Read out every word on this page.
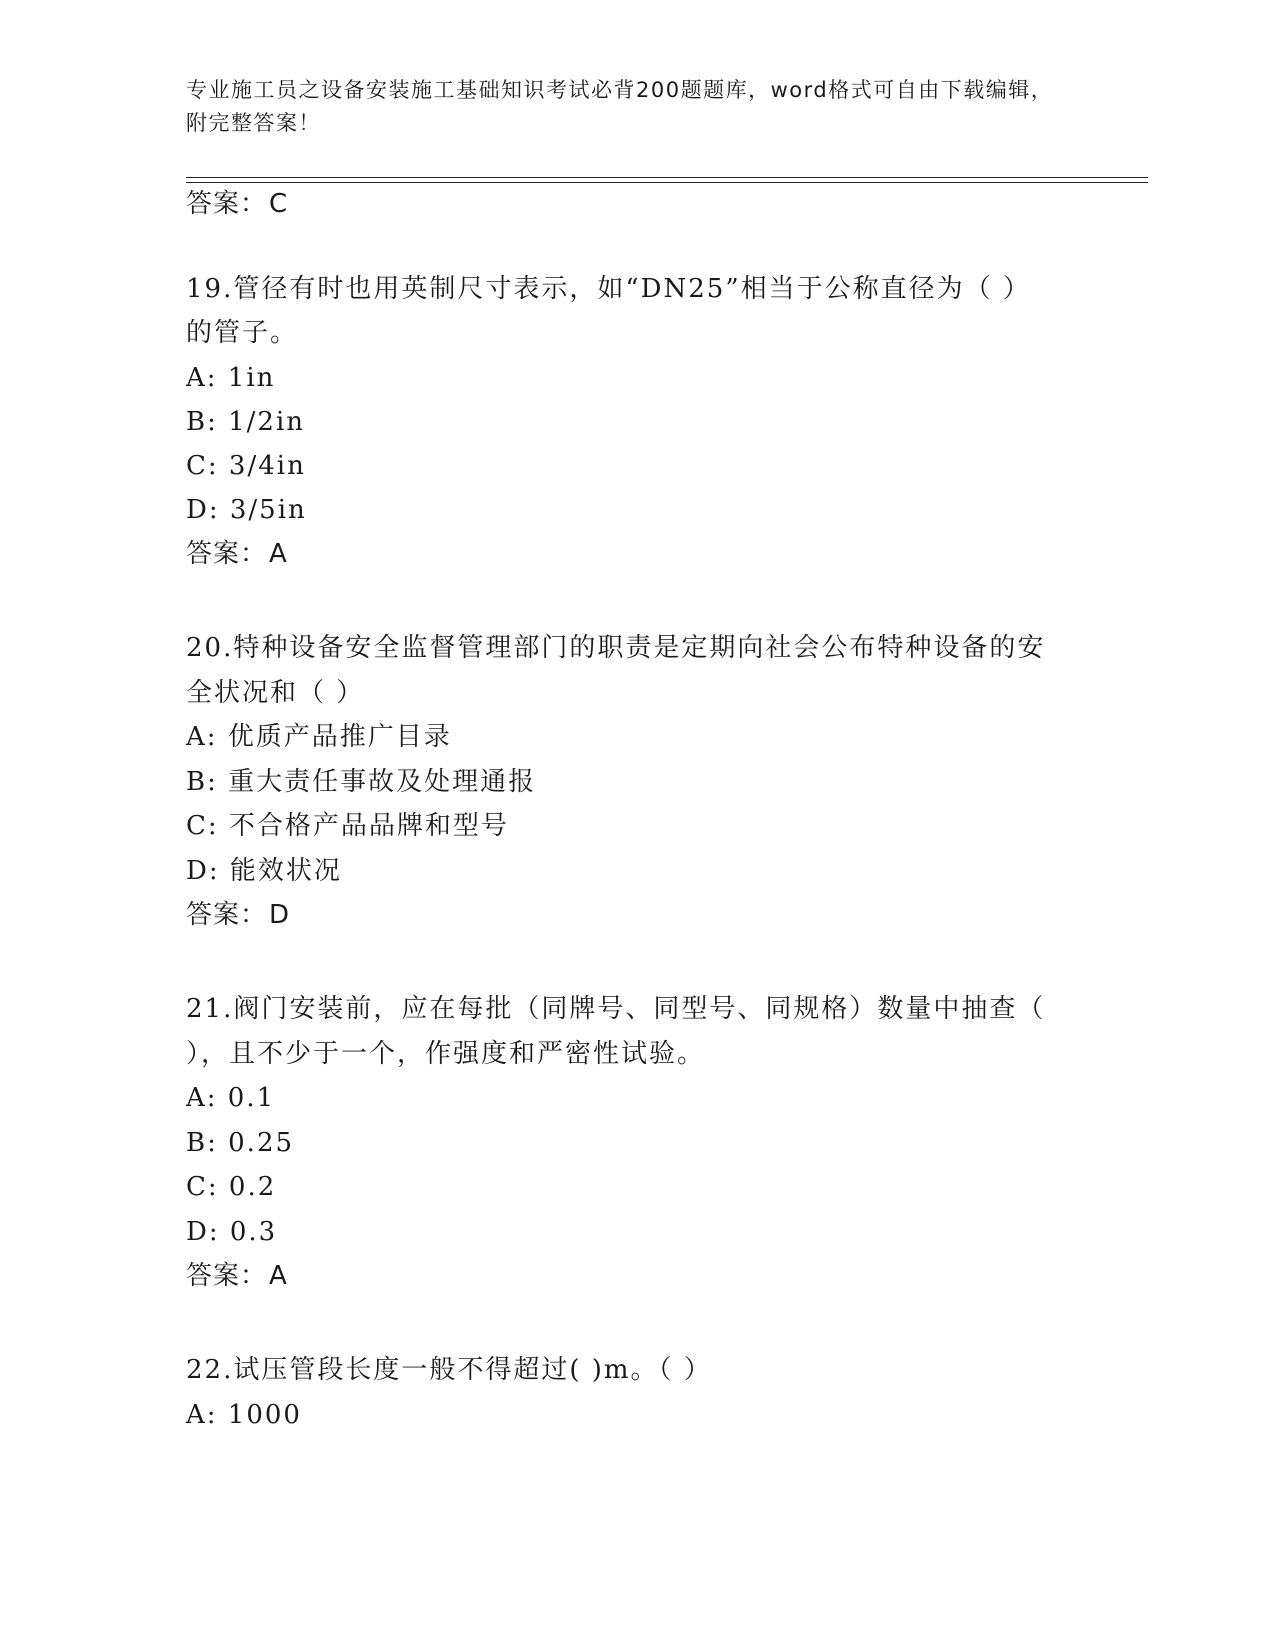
专业施工员之设备安装施工基础知识考试必背200题题库，word格式可自由下载编辑，附完整答案！
答案：C
19.管径有时也用英制尺寸表示，如“DN25”相当于公称直径为（ ）
的管子。
A: 1in
B: 1/2in
C: 3/4in
D: 3/5in
答案：A
20.特种设备安全监督管理部门的职责是定期向社会公布特种设备的安
全状况和（ ）
A: 优质产品推广目录
B: 重大责任事故及处理通报
C: 不合格产品品牌和型号
D: 能效状况
答案：D
21.阀门安装前，应在每批（同牌号、同型号、同规格）数量中抽查（
），且不少于一个，作强度和严密性试验。
A: 0.1
B: 0.25
C: 0.2
D: 0.3
答案：A
22.试压管段长度一般不得超过( )m。（ ）
A: 1000
